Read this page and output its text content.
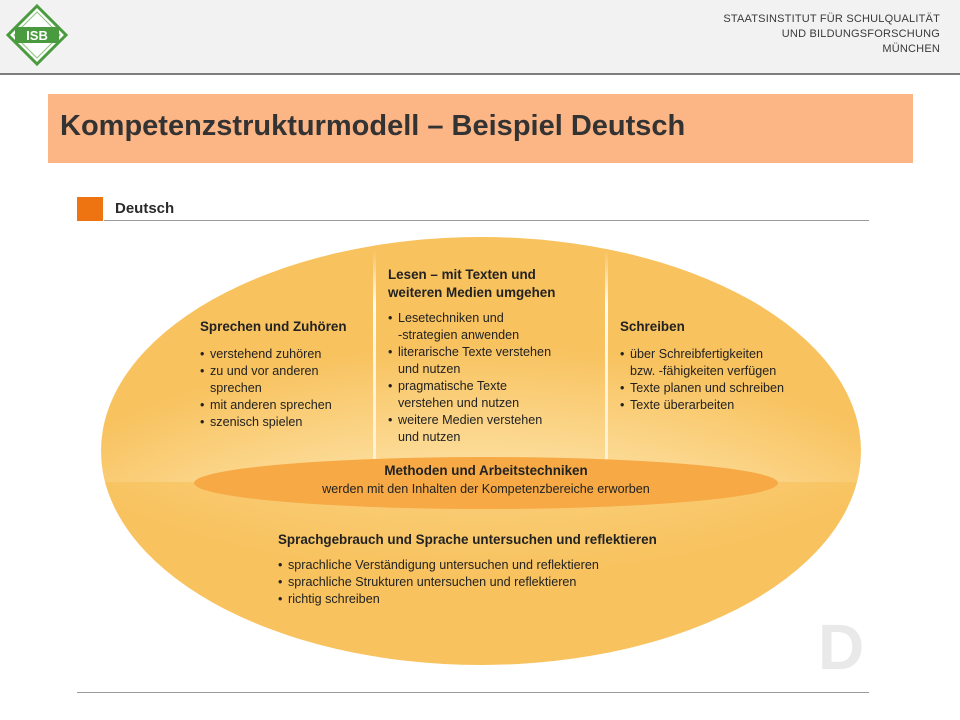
ISB
STAATSINSTITUT FÜR SCHULQUALITÄT
UND BILDUNGSFORSCHUNG
MÜNCHEN
Kompetenzstrukturmodell – Beispiel Deutsch
Deutsch
Sprechen und Zuhören
• verstehend zuhören
• zu und vor anderen
sprechen
• mit anderen sprechen
• szenisch spielen
Lesen – mit Texten und
weiteren Medien umgehen
• Lesetechniken und
-strategien anwenden
• literarische Texte verstehen
und nutzen
• pragmatische Texte
verstehen und nutzen
• weitere Medien verstehen
und nutzen
Schreiben
• über Schreibfertigkeiten
bzw. -fähigkeiten verfügen
• Texte planen und schreiben
• Texte überarbeiten
Methoden und Arbeitstechniken
werden mit den Inhalten der Kompetenzbereiche erworben
Sprachgebrauch und Sprache untersuchen und reflektieren
• sprachliche Verständigung untersuchen und reflektieren
• sprachliche Strukturen untersuchen und reflektieren
• richtig schreiben
D
